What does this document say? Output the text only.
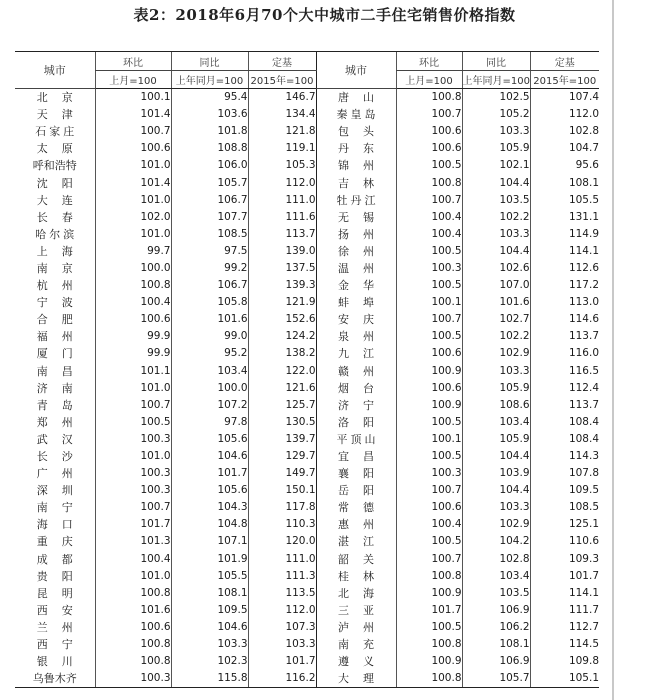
表2：2018年6月70个大中城市二手住宅销售价格指数
城市	环比	同比	定基	城市	环比	同比	定基
	上月=100	上年同月=100	2015年=100		上月=100	上年同月=100	2015年=100
北京	100.1	95.4	146.7	唐山	100.8	102.5	107.4
天津	101.4	103.6	134.4	秦皇岛	100.7	105.2	112.0
石家庄	100.7	101.8	121.8	包头	100.6	103.3	102.8
太原	100.6	108.8	119.1	丹东	100.6	105.9	104.7
呼和浩特	101.0	106.0	105.3	锦州	100.5	102.1	95.6
沈阳	101.4	105.7	112.0	吉林	100.8	104.4	108.1
大连	101.0	106.7	111.0	牡丹江	100.7	103.5	105.5
长春	102.0	107.7	111.6	无锡	100.4	102.2	131.1
哈尔滨	101.0	108.5	113.7	扬州	100.4	103.3	114.9
上海	99.7	97.5	139.0	徐州	100.5	104.4	114.1
南京	100.0	99.2	137.5	温州	100.3	102.6	112.6
杭州	100.8	106.7	139.3	金华	100.5	107.0	117.2
宁波	100.4	105.8	121.9	蚌埠	100.1	101.6	113.0
合肥	100.6	101.6	152.6	安庆	100.7	102.7	114.6
福州	99.9	99.0	124.2	泉州	100.5	102.2	113.7
厦门	99.9	95.2	138.2	九江	100.6	102.9	116.0
南昌	101.1	103.4	122.0	赣州	100.9	103.3	116.5
济南	101.0	100.0	121.6	烟台	100.6	105.9	112.4
青岛	100.7	107.2	125.7	济宁	100.9	108.6	113.7
郑州	100.5	97.8	130.5	洛阳	100.5	103.4	108.4
武汉	100.3	105.6	139.7	平顶山	100.1	105.9	108.4
长沙	101.0	104.6	129.7	宜昌	100.5	104.4	114.3
广州	100.3	101.7	149.7	襄阳	100.3	103.9	107.8
深圳	100.3	105.6	150.1	岳阳	100.7	104.4	109.5
南宁	100.7	104.3	117.8	常德	100.6	103.3	108.5
海口	101.7	104.8	110.3	惠州	100.4	102.9	125.1
重庆	101.3	107.1	120.0	湛江	100.5	104.2	110.6
成都	100.4	101.9	111.0	韶关	100.7	102.8	109.3
贵阳	101.0	105.5	111.3	桂林	100.8	103.4	101.7
昆明	100.8	108.1	113.5	北海	100.9	103.5	114.1
西安	101.6	109.5	112.0	三亚	101.7	106.9	111.7
兰州	100.6	104.6	107.3	泸州	100.5	106.2	112.7
西宁	100.8	103.3	103.3	南充	100.8	108.1	114.5
银川	100.8	102.3	101.7	遵义	100.9	106.9	109.8
乌鲁木齐	100.3	115.8	116.2	大理	100.8	105.7	105.1
